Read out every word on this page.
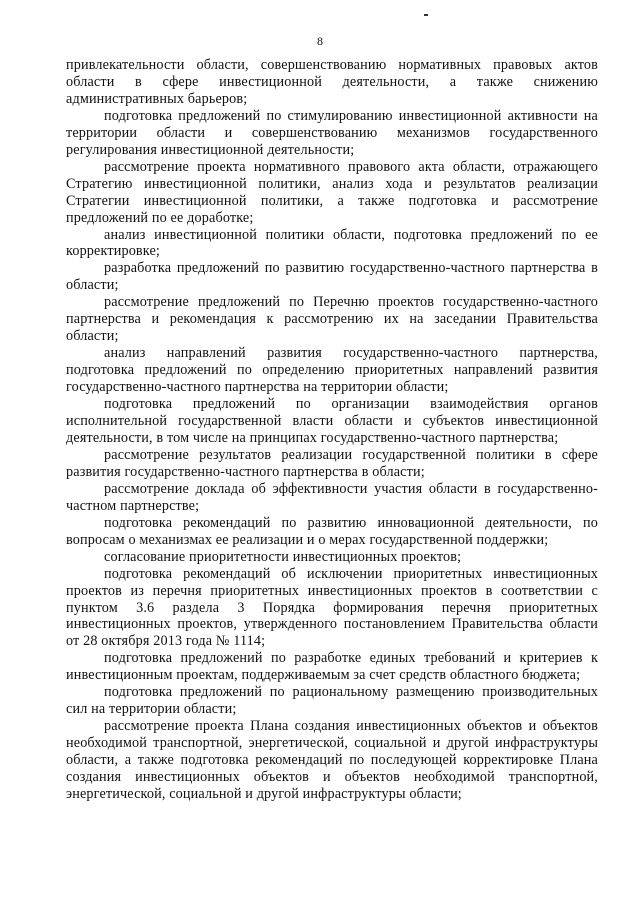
8

привлекательности области, совершенствованию нормативных правовых актов области в сфере инвестиционной деятельности, а также снижению административных барьеров;

подготовка предложений по стимулированию инвестиционной активности на территории области и совершенствованию механизмов государственного регулирования инвестиционной деятельности;

рассмотрение проекта нормативного правового акта области, отражающего Стратегию инвестиционной политики, анализ хода и результатов реализации Стратегии инвестиционной политики, а также подготовка и рассмотрение предложений по ее доработке;

анализ инвестиционной политики области, подготовка предложений по ее корректировке;

разработка предложений по развитию государственно-частного партнерства в области;

рассмотрение предложений по Перечню проектов государственно-частного партнерства и рекомендация к рассмотрению их на заседании Правительства области;

анализ направлений развития государственно-частного партнерства, подготовка предложений по определению приоритетных направлений развития государственно-частного партнерства на территории области;

подготовка предложений по организации взаимодействия органов исполнительной государственной власти области и субъектов инвестиционной деятельности, в том числе на принципах государственно-частного партнерства;

рассмотрение результатов реализации государственной политики в сфере развития государственно-частного партнерства в области;

рассмотрение доклада об эффективности участия области в государственно-частном партнерстве;

подготовка рекомендаций по развитию инновационной деятельности, по вопросам о механизмах ее реализации и о мерах государственной поддержки;

согласование приоритетности инвестиционных проектов;

подготовка рекомендаций об исключении приоритетных инвестиционных проектов из перечня приоритетных инвестиционных проектов в соответствии с пунктом 3.6 раздела 3 Порядка формирования перечня приоритетных инвестиционных проектов, утвержденного постановлением Правительства области от 28 октября 2013 года № 1114;

подготовка предложений по разработке единых требований и критериев к инвестиционным проектам, поддерживаемым за счет средств областного бюджета;

подготовка предложений по рациональному размещению производительных сил на территории области;

рассмотрение проекта Плана создания инвестиционных объектов и объектов необходимой транспортной, энергетической, социальной и другой инфраструктуры области, а также подготовка рекомендаций по последующей корректировке Плана создания инвестиционных объектов и объектов необходимой транспортной, энергетической, социальной и другой инфраструктуры области;
